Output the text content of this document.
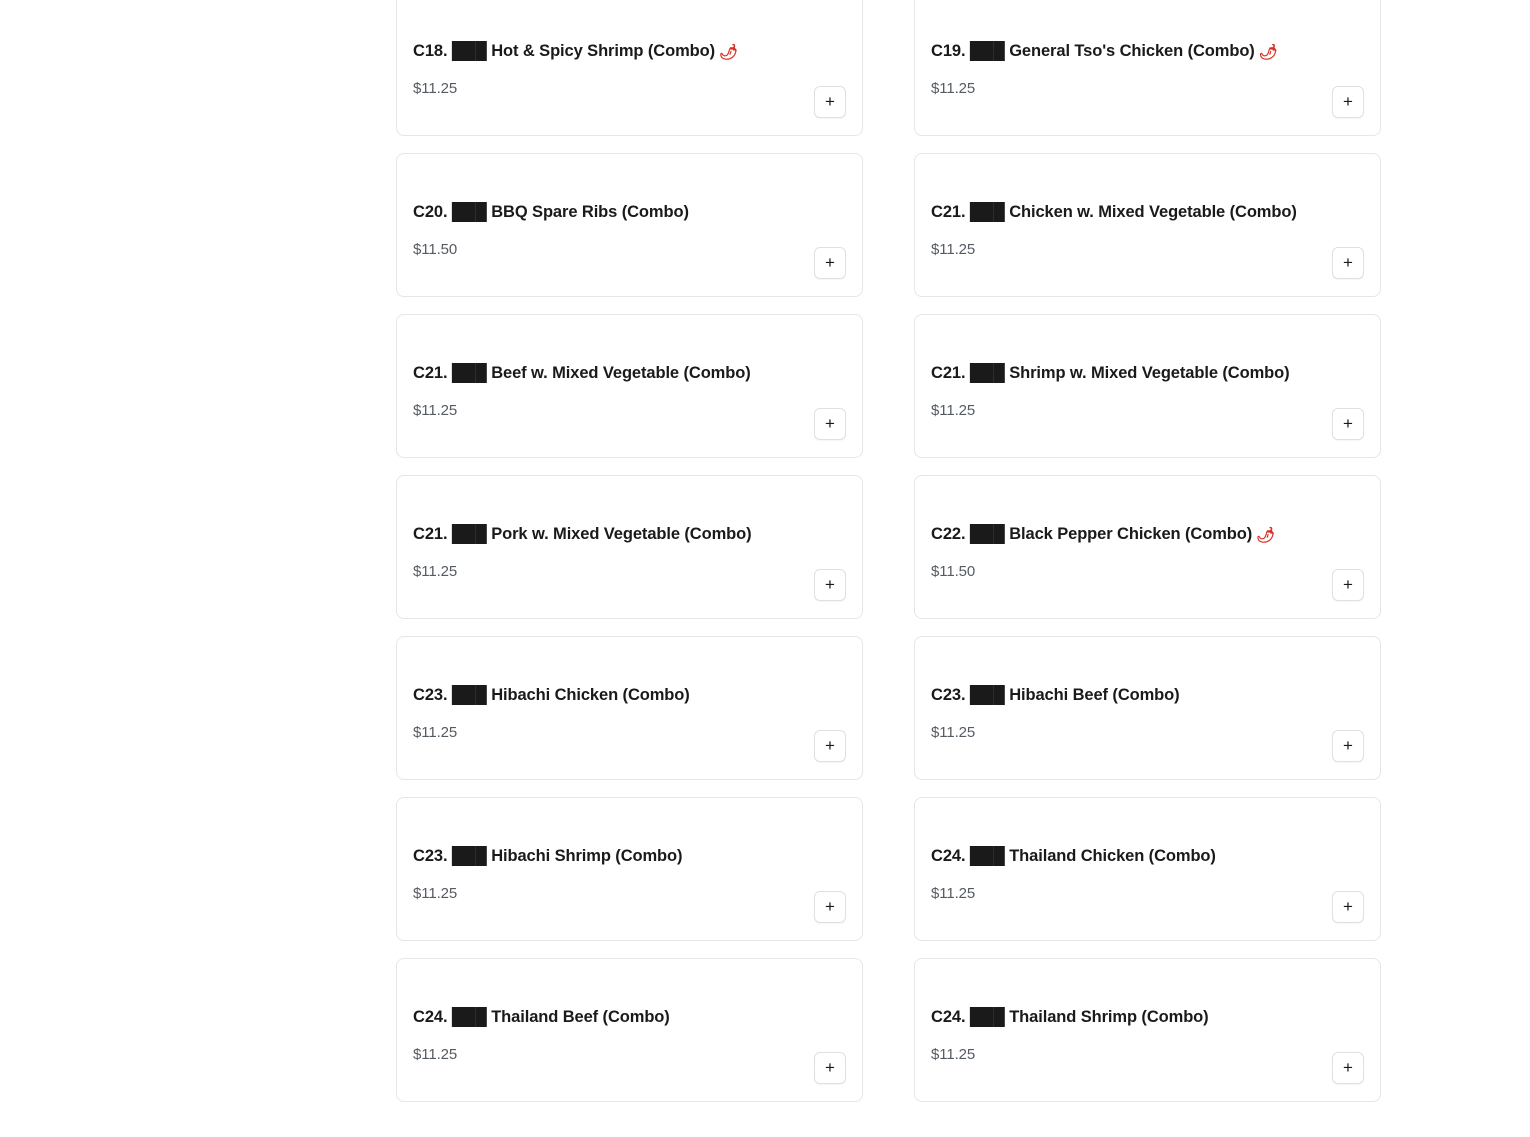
C18. ███ Hot & Spicy Shrimp (Combo) 🌶
$11.25
+
C19. ███ General Tso's Chicken (Combo) 🌶
$11.25
+
C20. ███ BBQ Spare Ribs (Combo)
$11.50
+
C21. ███ Chicken w. Mixed Vegetable (Combo)
$11.25
+
C21. ███ Beef w. Mixed Vegetable (Combo)
$11.25
+
C21. ███ Shrimp w. Mixed Vegetable (Combo)
$11.25
+
C21. ███ Pork w. Mixed Vegetable (Combo)
$11.25
+
C22. ███ Black Pepper Chicken (Combo) 🌶
$11.50
+
C23. ███ Hibachi Chicken (Combo)
$11.25
+
C23. ███ Hibachi Beef (Combo)
$11.25
+
C23. ███ Hibachi Shrimp (Combo)
$11.25
+
C24. ███ Thailand Chicken (Combo)
$11.25
+
C24. ███ Thailand Beef (Combo)
$11.25
+
C24. ███ Thailand Shrimp (Combo)
$11.25
+
